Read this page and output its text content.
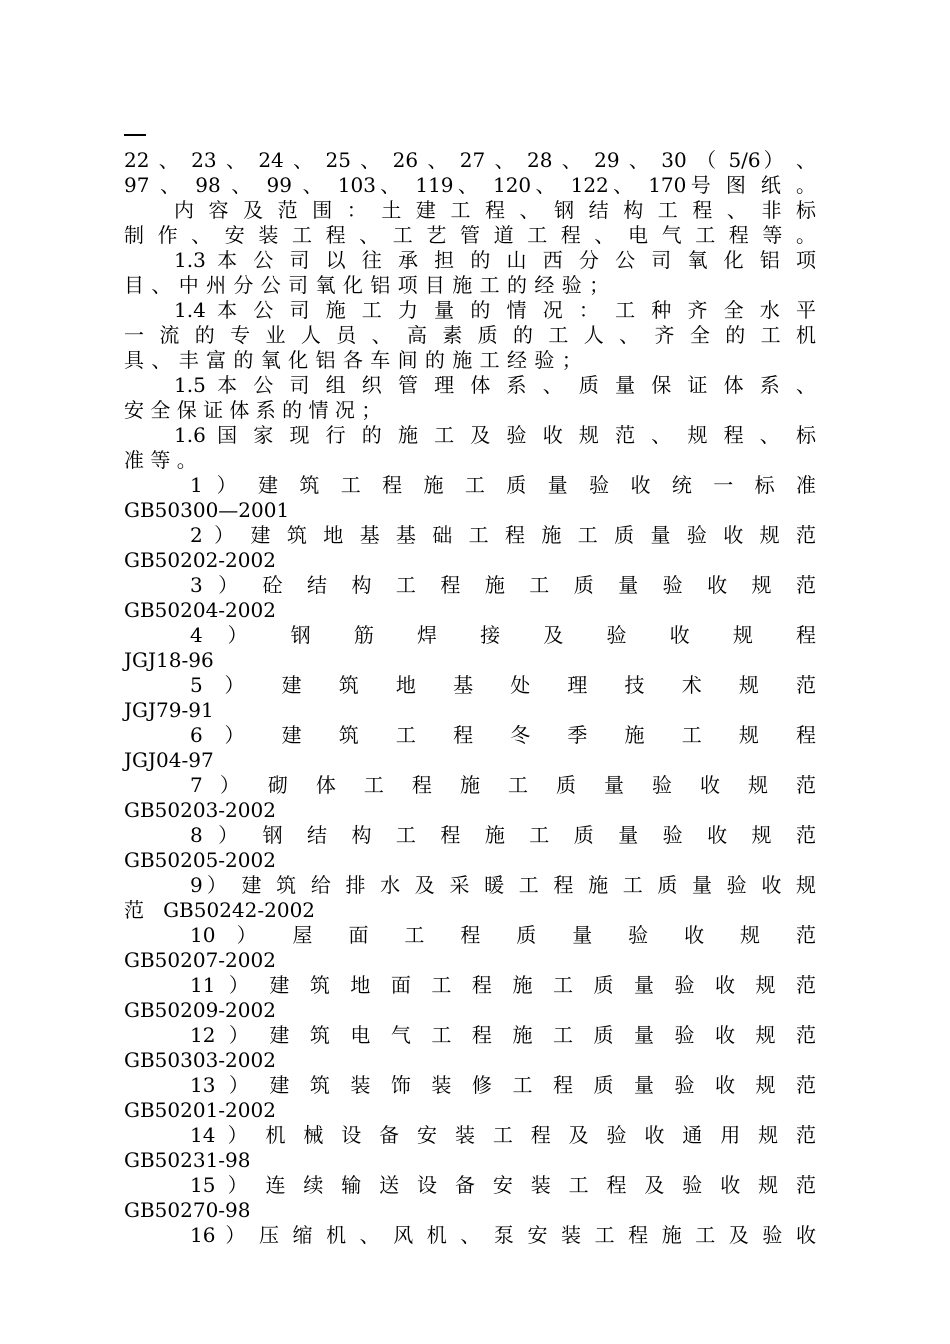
22 、 23 、 24 、 25 、 26 、 27 、 28 、 29 、 30 （ 5/6） 、
97 、 98 、 99 、 103、 119、 120、 122、 170号 图 纸 。
内 容 及 范 围 ： 土 建 工 程 、 钢 结 构 工 程 、 非 标
制 作 、 安 装 工 程 、 工 艺 管 道 工 程 、 电 气 工 程 等 。
1.3 本 公 司 以 往 承 担 的 山 西 分 公 司 氧 化 铝 项
目 、 中 州 分 公 司 氧 化 铝 项 目 施 工 的 经 验 ；
1.4 本 公 司 施 工 力 量 的 情 况 ： 工 种 齐 全 水 平
一 流 的 专 业 人 员 、 高 素 质 的 工 人 、 齐 全 的 工 机
具 、 丰 富 的 氧 化 铝 各 车 间 的 施 工 经 验 ；
1.5 本 公 司 组 织 管 理 体 系 、 质 量 保 证 体 系 、
安 全 保 证 体 系 的 情 况 ；
1.6 国 家 现 行 的 施 工 及 验 收 规 范 、 规 程 、 标
准 等 。
1 ） 建 筑 工 程 施 工 质 量 验 收 统 一 标 准
GB50300—2001
2 ） 建 筑 地 基 基 础 工 程 施 工 质 量 验 收 规 范
GB50202-2002
3 ） 砼 结 构 工 程 施 工 质 量 验 收 规 范
GB50204-2002
4 ） 钢 筋 焊 接 及 验 收 规 程
JGJ18-96
5 ） 建 筑 地 基 处 理 技 术 规 范
JGJ79-91
6 ） 建 筑 工 程 冬 季 施 工 规 程
JGJ04-97
7 ） 砌 体 工 程 施 工 质 量 验 收 规 范
GB50203-2002
8 ） 钢 结 构 工 程 施 工 质 量 验 收 规 范
GB50205-2002
9） 建 筑 给 排 水 及 采 暖 工 程 施 工 质 量 验 收 规
范   GB50242-2002
10 ） 屋 面 工 程 质 量 验 收 规 范
GB50207-2002
11 ） 建 筑 地 面 工 程 施 工 质 量 验 收 规 范
GB50209-2002
12 ） 建 筑 电 气 工 程 施 工 质 量 验 收 规 范
GB50303-2002
13 ） 建 筑 装 饰 装 修 工 程 质 量 验 收 规 范
GB50201-2002
14 ） 机 械 设 备 安 装 工 程 及 验 收 通 用 规 范
GB50231-98
15 ） 连 续 输 送 设 备 安 装 工 程 及 验 收 规 范
GB50270-98
16 ） 压 缩 机 、 风 机 、 泵 安 装 工 程 施 工 及 验 收
